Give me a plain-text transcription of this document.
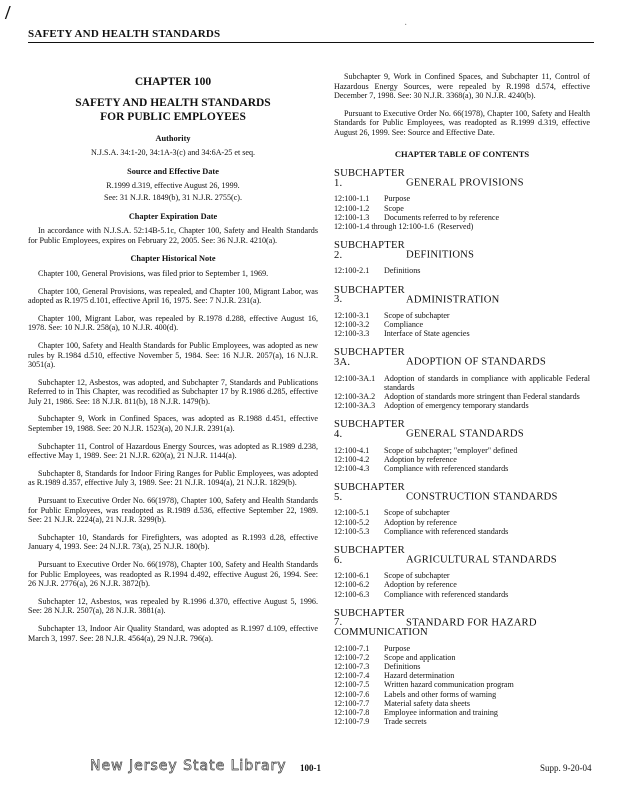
/
·
SAFETY AND HEALTH STANDARDS
CHAPTER 100
SAFETY AND HEALTH STANDARDS
FOR PUBLIC EMPLOYEES
Authority
N.J.S.A. 34:1-20, 34:1A-3(c) and 34:6A-25 et seq.
Source and Effective Date
R.1999 d.319, effective August 26, 1999.
See: 31 N.J.R. 1849(b), 31 N.J.R. 2755(c).
Chapter Expiration Date
In accordance with N.J.S.A. 52:14B-5.1c, Chapter 100, Safety and Health Standards for Public Employees, expires on February 22, 2005. See: 36 N.J.R. 4210(a).
Chapter Historical Note
Chapter 100, General Provisions, was filed prior to September 1, 1969.
Chapter 100, General Provisions, was repealed, and Chapter 100, Migrant Labor, was adopted as R.1975 d.101, effective April 16, 1975. See: 7 N.J.R. 231(a).
Chapter 100, Migrant Labor, was repealed by R.1978 d.288, effective August 16, 1978. See: 10 N.J.R. 258(a), 10 N.J.R. 400(d).
Chapter 100, Safety and Health Standards for Public Employees, was adopted as new rules by R.1984 d.510, effective November 5, 1984. See: 16 N.J.R. 2057(a), 16 N.J.R. 3051(a).
Subchapter 12, Asbestos, was adopted, and Subchapter 7, Standards and Publications Referred to in This Chapter, was recodified as Subchapter 17 by R.1986 d.285, effective July 21, 1986. See: 18 N.J.R. 811(b), 18 N.J.R. 1479(b).
Subchapter 9, Work in Confined Spaces, was adopted as R.1988 d.451, effective September 19, 1988. See: 20 N.J.R. 1523(a), 20 N.J.R. 2391(a).
Subchapter 11, Control of Hazardous Energy Sources, was adopted as R.1989 d.238, effective May 1, 1989. See: 21 N.J.R. 620(a), 21 N.J.R. 1144(a).
Subchapter 8, Standards for Indoor Firing Ranges for Public Employees, was adopted as R.1989 d.357, effective July 3, 1989. See: 21 N.J.R. 1094(a), 21 N.J.R. 1829(b).
Pursuant to Executive Order No. 66(1978), Chapter 100, Safety and Health Standards for Public Employees, was readopted as R.1989 d.536, effective September 22, 1989. See: 21 N.J.R. 2224(a), 21 N.J.R. 3299(b).
Subchapter 10, Standards for Firefighters, was adopted as R.1993 d.28, effective January 4, 1993. See: 24 N.J.R. 73(a), 25 N.J.R. 180(b).
Pursuant to Executive Order No. 66(1978), Chapter 100, Safety and Health Standards for Public Employees, was readopted as R.1994 d.492, effective August 26, 1994. See: 26 N.J.R. 2776(a), 26 N.J.R. 3872(b).
Subchapter 12, Asbestos, was repealed by R.1996 d.370, effective August 5, 1996. See: 28 N.J.R. 2507(a), 28 N.J.R. 3881(a).
Subchapter 13, Indoor Air Quality Standard, was adopted as R.1997 d.109, effective March 3, 1997. See: 28 N.J.R. 4564(a), 29 N.J.R. 796(a).
Subchapter 9, Work in Confined Spaces, and Subchapter 11, Control of Hazardous Energy Sources, were repealed by R.1998 d.574, effective December 7, 1998. See: 30 N.J.R. 3368(a), 30 N.J.R. 4240(b).
Pursuant to Executive Order No. 66(1978), Chapter 100, Safety and Health Standards for Public Employees, was readopted as R.1999 d.319, effective August 26, 1999. See: Source and Effective Date.
CHAPTER TABLE OF CONTENTS
SUBCHAPTER 1.	GENERAL PROVISIONS
12:100-1.1	Purpose
12:100-1.2	Scope
12:100-1.3	Documents referred to by reference
12:100-1.4 through 12:100-1.6 (Reserved)
SUBCHAPTER 2.	DEFINITIONS
12:100-2.1	Definitions
SUBCHAPTER 3.	ADMINISTRATION
12:100-3.1	Scope of subchapter
12:100-3.2	Compliance
12:100-3.3	Interface of State agencies
SUBCHAPTER 3A.	ADOPTION OF STANDARDS
12:100-3A.1	Adoption of standards in compliance with applicable Federal standards
12:100-3A.2	Adoption of standards more stringent than Federal standards
12:100-3A.3	Adoption of emergency temporary standards
SUBCHAPTER 4.	GENERAL STANDARDS
12:100-4.1	Scope of subchapter; "employer" defined
12:100-4.2	Adoption by reference
12:100-4.3	Compliance with referenced standards
SUBCHAPTER 5.	CONSTRUCTION STANDARDS
12:100-5.1	Scope of subchapter
12:100-5.2	Adoption by reference
12:100-5.3	Compliance with referenced standards
SUBCHAPTER 6.	AGRICULTURAL STANDARDS
12:100-6.1	Scope of subchapter
12:100-6.2	Adoption by reference
12:100-6.3	Compliance with referenced standards
SUBCHAPTER 7.	STANDARD FOR HAZARD COMMUNICATION
12:100-7.1	Purpose
12:100-7.2	Scope and application
12:100-7.3	Definitions
12:100-7.4	Hazard determination
12:100-7.5	Written hazard communication program
12:100-7.6	Labels and other forms of warning
12:100-7.7	Material safety data sheets
12:100-7.8	Employee information and training
12:100-7.9	Trade secrets
New Jersey State Library 100-1	Supp. 9-20-04
